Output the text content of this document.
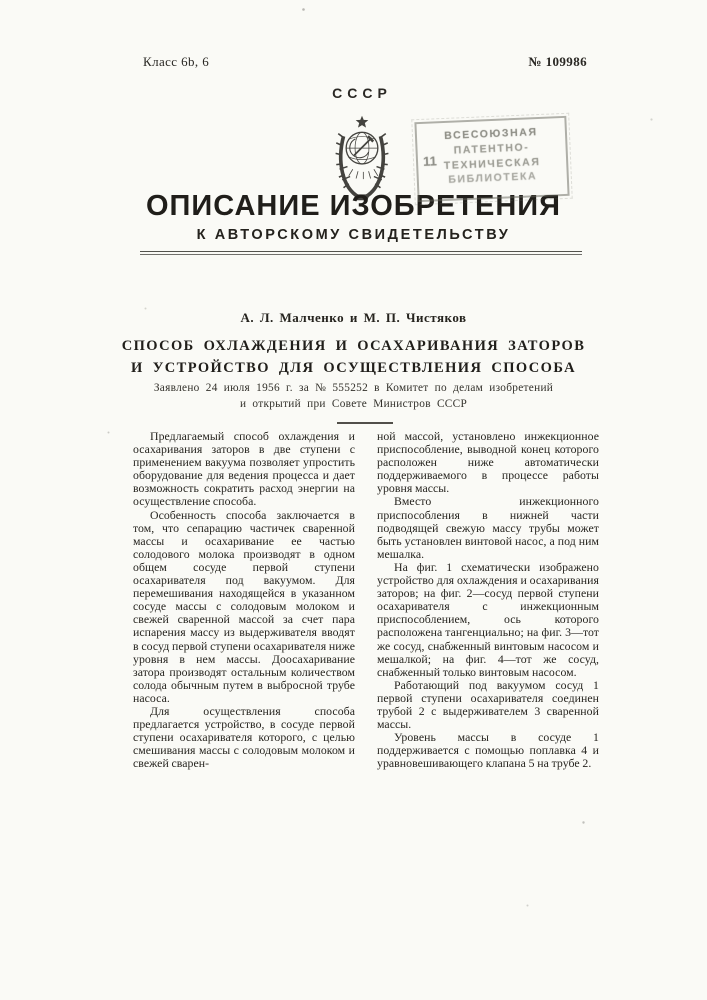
Класс 6b, 6	№ 109986
СССР
ВСЕСОЮЗНАЯ
ПАТЕНТНО-
ТЕХНИЧЕСКАЯ
БИБЛИОТЕКА
11
ОПИСАНИЕ ИЗОБРЕТЕНИЯ
К АВТОРСКОМУ СВИДЕТЕЛЬСТВУ
А. Л. Малченко и М. П. Чистяков
СПОСОБ ОХЛАЖДЕНИЯ И ОСАХАРИВАНИЯ ЗАТОРОВ
И УСТРОЙСТВО ДЛЯ ОСУЩЕСТВЛЕНИЯ СПОСОБА
Заявлено 24 июля 1956 г. за № 555252 в Комитет по делам изобретений
и открытий при Совете Министров СССР

Предлагаемый способ охлаждения и осахаривания заторов в две ступени с применением вакуума позволяет упростить оборудование для ведения процесса и дает возможность сократить расход энергии на осуществление способа.

Особенность способа заключается в том, что сепарацию частичек сваренной массы и осахаривание ее частью солодового молока производят в одном общем сосуде первой ступени осахаривателя под вакуумом. Для перемешивания находящейся в указанном сосуде массы с солодовым молоком и свежей сваренной массой за счет пара испарения массу из выдерживателя вводят в сосуд первой ступени осахаривателя ниже уровня в нем массы. Доосахаривание затора производят остальным количеством солода обычным путем в выбросной трубе насоса.

Для осуществления способа предлагается устройство, в сосуде первой ступени осахаривателя которого, с целью смешивания массы с солодовым молоком и свежей сварен-

ной массой, установлено инжекционное приспособление, выводной конец которого расположен ниже автоматически поддерживаемого в процессе работы уровня массы.

Вместо инжекционного приспособления в нижней части подводящей свежую массу трубы может быть установлен винтовой насос, а под ним мешалка.

На фиг. 1 схематически изображено устройство для охлаждения и осахаривания заторов; на фиг. 2—сосуд первой ступени осахаривателя с инжекционным приспособлением, ось которого расположена тангенциально; на фиг. 3—тот же сосуд, снабженный винтовым насосом и мешалкой; на фиг. 4—тот же сосуд, снабженный только винтовым насосом.

Работающий под вакуумом сосуд 1 первой ступени осахаривателя соединен трубой 2 с выдерживателем 3 сваренной массы.

Уровень массы в сосуде 1 поддерживается с помощью поплавка 4 и уравновешивающего клапана 5 на трубе 2.
